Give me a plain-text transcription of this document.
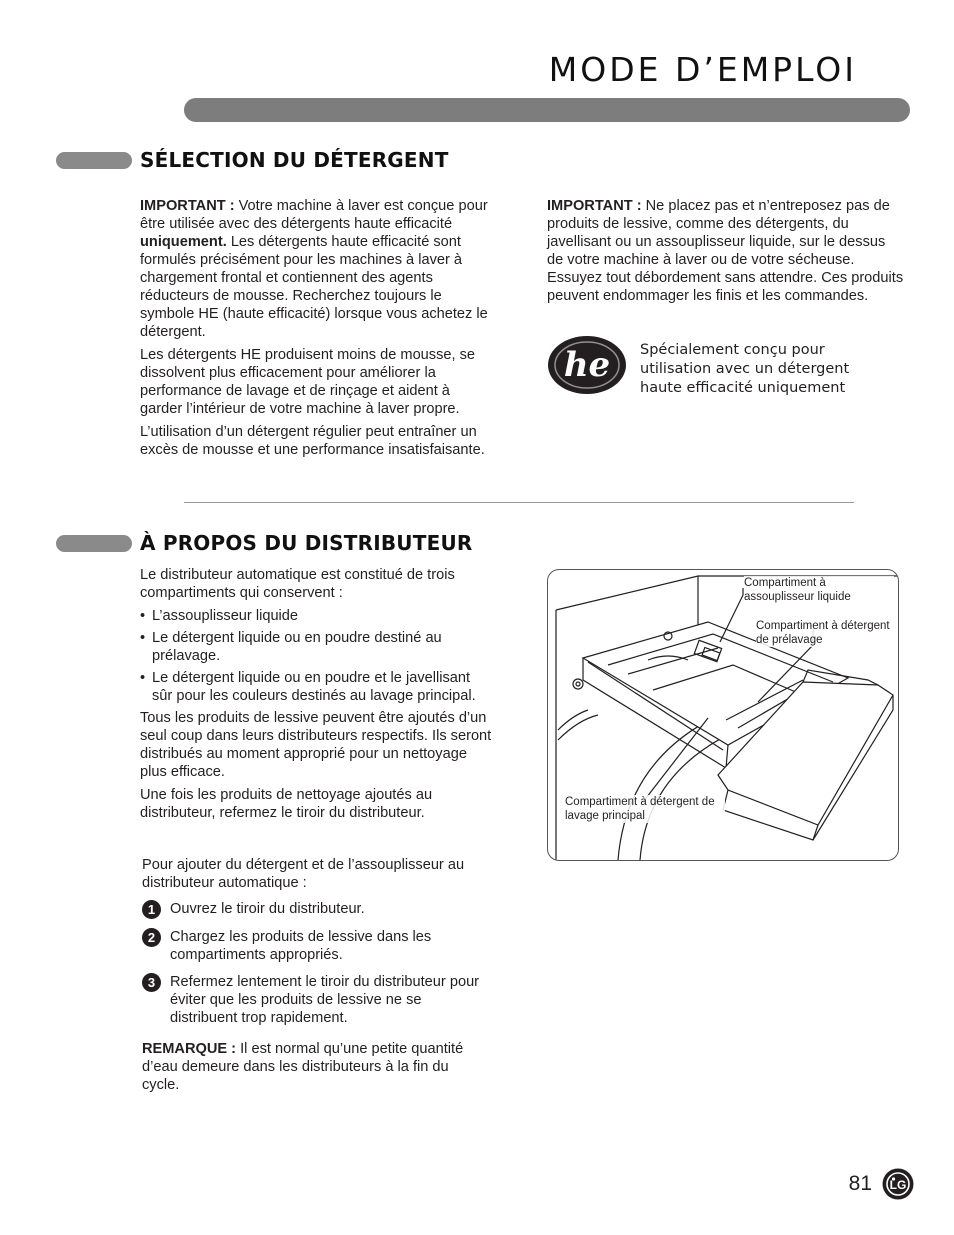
MODE D’EMPLOI
SÉLECTION DU DÉTERGENT

IMPORTANT : Votre machine à laver est conçue pour être utilisée avec des détergents haute efficacité uniquement. Les détergents haute efficacité sont formulés précisément pour les machines à laver à chargement frontal et contiennent des agents réducteurs de mousse. Recherchez toujours le symbole HE (haute efficacité) lorsque vous achetez le détergent.

Les détergents HE produisent moins de mousse, se dissolvent plus efficacement pour améliorer la performance de lavage et de rinçage et aident à garder l’intérieur de votre machine à laver propre.

L’utilisation d’un détergent régulier peut entraîner un excès de mousse et une performance insatisfaisante.

IMPORTANT : Ne placez pas et n’entreposez pas de produits de lessive, comme des détergents, du javellisant ou un assouplisseur liquide, sur le dessus de votre machine à laver ou de votre sécheuse. Essuyez tout débordement sans attendre. Ces produits peuvent endommager les finis et les commandes.

he Spécialement conçu pour utilisation avec un détergent haute efficacité uniquement
À PROPOS DU DISTRIBUTEUR

Le distributeur automatique est constitué de trois compartiments qui conservent :

• L’assouplisseur liquide
• Le détergent liquide ou en poudre destiné au prélavage.
• Le détergent liquide ou en poudre et le javellisant sûr pour les couleurs destinés au lavage principal.

Tous les produits de lessive peuvent être ajoutés d’un seul coup dans leurs distributeurs respectifs. Ils seront distribués au moment approprié pour un nettoyage plus efficace.

Une fois les produits de nettoyage ajoutés au distributeur, refermez le tiroir du distributeur.

Pour ajouter du détergent et de l’assouplisseur au distributeur automatique :
1	Ouvrez le tiroir du distributeur.
2	Chargez les produits de lessive dans les compartiments appropriés.
3	Refermez lentement le tiroir du distributeur pour éviter que les produits de lessive ne se distribuent trop rapidement.
REMARQUE : Il est normal qu’une petite quantité d’eau demeure dans les distributeurs à la fin du cycle.
Compartiment à assouplisseur liquide
Compartiment à détergent de prélavage
Compartiment à détergent de lavage principal
81 LG
